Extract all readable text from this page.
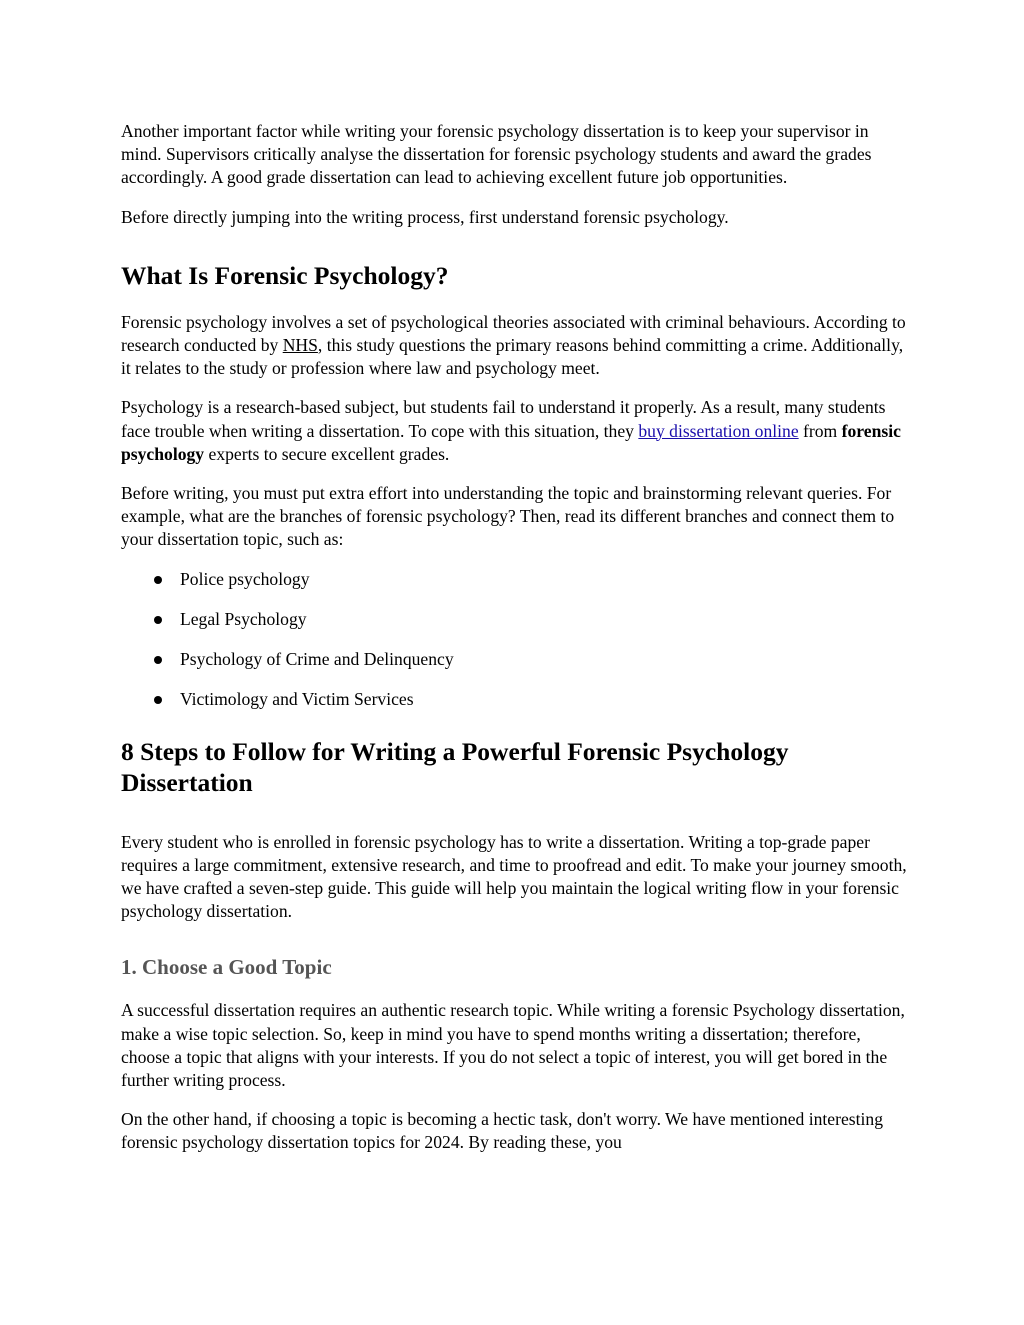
Another important factor while writing your forensic psychology dissertation is to keep your supervisor in mind. Supervisors critically analyse the dissertation for forensic psychology students and award the grades accordingly. A good grade dissertation can lead to achieving excellent future job opportunities.

Before directly jumping into the writing process, first understand forensic psychology.

What Is Forensic Psychology?

Forensic psychology involves a set of psychological theories associated with criminal behaviours. According to research conducted by NHS, this study questions the primary reasons behind committing a crime. Additionally, it relates to the study or profession where law and psychology meet.

Psychology is a research-based subject, but students fail to understand it properly. As a result, many students face trouble when writing a dissertation. To cope with this situation, they buy dissertation online from forensic psychology experts to secure excellent grades.

Before writing, you must put extra effort into understanding the topic and brainstorming relevant queries. For example, what are the branches of forensic psychology? Then, read its different branches and connect them to your dissertation topic, such as:

Police psychology
Legal Psychology
Psychology of Crime and Delinquency
Victimology and Victim Services
8 Steps to Follow for Writing a Powerful Forensic Psychology Dissertation

Every student who is enrolled in forensic psychology has to write a dissertation. Writing a top-grade paper requires a large commitment, extensive research, and time to proofread and edit. To make your journey smooth, we have crafted a seven-step guide. This guide will help you maintain the logical writing flow in your forensic psychology dissertation.

1. Choose a Good Topic

A successful dissertation requires an authentic research topic. While writing a forensic Psychology dissertation, make a wise topic selection. So, keep in mind you have to spend months writing a dissertation; therefore, choose a topic that aligns with your interests. If you do not select a topic of interest, you will get bored in the further writing process.

On the other hand, if choosing a topic is becoming a hectic task, don't worry. We have mentioned interesting forensic psychology dissertation topics for 2024. By reading these, you
